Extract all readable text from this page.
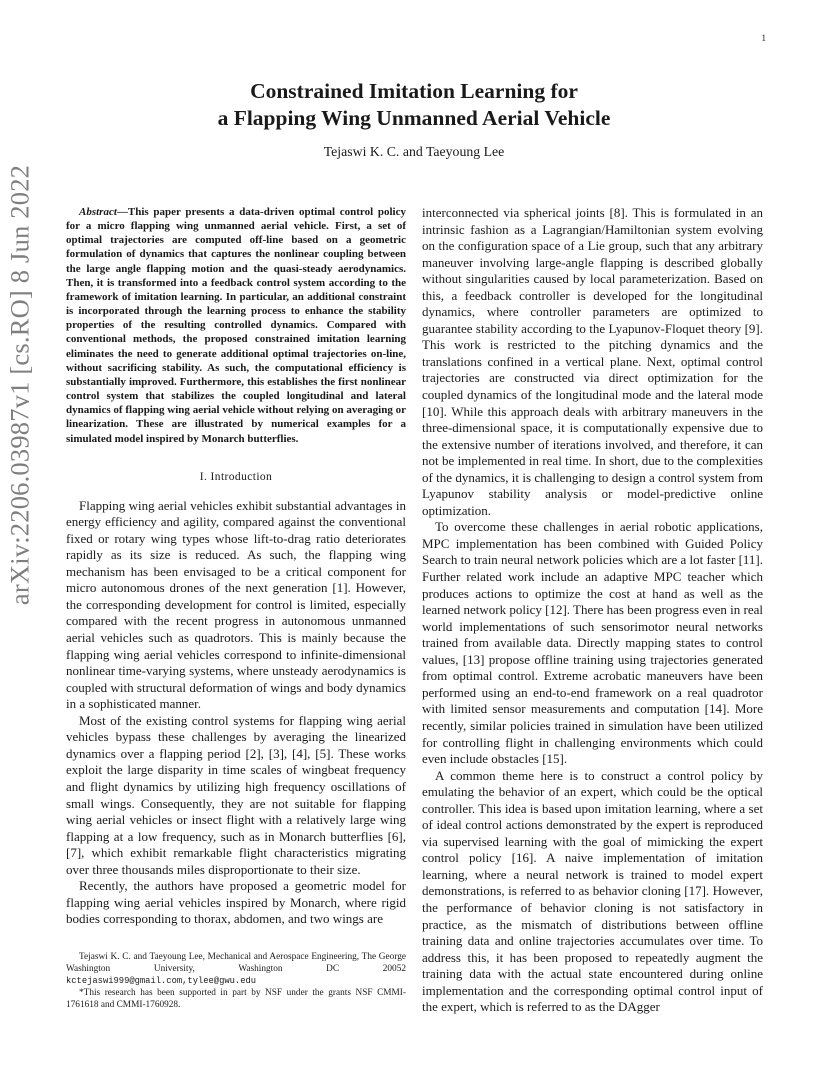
1
arXiv:2206.03987v1 [cs.RO] 8 Jun 2022
Constrained Imitation Learning for
a Flapping Wing Unmanned Aerial Vehicle
Tejaswi K. C. and Taeyoung Lee

Abstract—This paper presents a data-driven optimal control policy for a micro flapping wing unmanned aerial vehicle. First, a set of optimal trajectories are computed off-line based on a geometric formulation of dynamics that captures the nonlinear coupling between the large angle flapping motion and the quasi-steady aerodynamics. Then, it is transformed into a feedback control system according to the framework of imitation learning. In particular, an additional constraint is incorporated through the learning process to enhance the stability properties of the resulting controlled dynamics. Compared with conventional methods, the proposed constrained imitation learning eliminates the need to generate additional optimal trajectories on-line, without sacrificing stability. As such, the computational efficiency is substantially improved. Furthermore, this establishes the first nonlinear control system that stabilizes the coupled longitudinal and lateral dynamics of flapping wing aerial vehicle without relying on averaging or linearization. These are illustrated by numerical examples for a simulated model inspired by Monarch butterflies.

I. Introduction

Flapping wing aerial vehicles exhibit substantial advantages in energy efficiency and agility, compared against the conventional fixed or rotary wing types whose lift-to-drag ratio deteriorates rapidly as its size is reduced. As such, the flapping wing mechanism has been envisaged to be a critical component for micro autonomous drones of the next generation [1]. However, the corresponding development for control is limited, especially compared with the recent progress in autonomous unmanned aerial vehicles such as quadrotors. This is mainly because the flapping wing aerial vehicles correspond to infinite-dimensional nonlinear time-varying systems, where unsteady aerodynamics is coupled with structural deformation of wings and body dynamics in a sophisticated manner.

Most of the existing control systems for flapping wing aerial vehicles bypass these challenges by averaging the linearized dynamics over a flapping period [2], [3], [4], [5]. These works exploit the large disparity in time scales of wingbeat frequency and flight dynamics by utilizing high frequency oscillations of small wings. Consequently, they are not suitable for flapping wing aerial vehicles or insect flight with a relatively large wing flapping at a low frequency, such as in Monarch butterflies [6], [7], which exhibit remarkable flight characteristics migrating over three thousands miles disproportionate to their size.

Recently, the authors have proposed a geometric model for flapping wing aerial vehicles inspired by Monarch, where rigid bodies corresponding to thorax, abdomen, and two wings are

Tejaswi K. C. and Taeyoung Lee, Mechanical and Aerospace Engineering, The George Washington University, Washington DC 20052 kctejaswi999@gmail.com,tylee@gwu.edu

*This research has been supported in part by NSF under the grants NSF CMMI-1761618 and CMMI-1760928.

interconnected via spherical joints [8]. This is formulated in an intrinsic fashion as a Lagrangian/Hamiltonian system evolving on the configuration space of a Lie group, such that any arbitrary maneuver involving large-angle flapping is described globally without singularities caused by local parameterization. Based on this, a feedback controller is developed for the longitudinal dynamics, where controller parameters are optimized to guarantee stability according to the Lyapunov-Floquet theory [9]. This work is restricted to the pitching dynamics and the translations confined in a vertical plane. Next, optimal control trajectories are constructed via direct optimization for the coupled dynamics of the longitudinal mode and the lateral mode [10]. While this approach deals with arbitrary maneuvers in the three-dimensional space, it is computationally expensive due to the extensive number of iterations involved, and therefore, it can not be implemented in real time. In short, due to the complexities of the dynamics, it is challenging to design a control system from Lyapunov stability analysis or model-predictive online optimization.

To overcome these challenges in aerial robotic applications, MPC implementation has been combined with Guided Policy Search to train neural network policies which are a lot faster [11]. Further related work include an adaptive MPC teacher which produces actions to optimize the cost at hand as well as the learned network policy [12]. There has been progress even in real world implementations of such sensorimotor neural networks trained from available data. Directly mapping states to control values, [13] propose offline training using trajectories generated from optimal control. Extreme acrobatic maneuvers have been performed using an end-to-end framework on a real quadrotor with limited sensor measurements and computation [14]. More recently, similar policies trained in simulation have been utilized for controlling flight in challenging environments which could even include obstacles [15].

A common theme here is to construct a control policy by emulating the behavior of an expert, which could be the optical controller. This idea is based upon imitation learning, where a set of ideal control actions demonstrated by the expert is reproduced via supervised learning with the goal of mimicking the expert control policy [16]. A naive implementation of imitation learning, where a neural network is trained to model expert demonstrations, is referred to as behavior cloning [17]. However, the performance of behavior cloning is not satisfactory in practice, as the mismatch of distributions between offline training data and online trajectories accumulates over time. To address this, it has been proposed to repeatedly augment the training data with the actual state encountered during online implementation and the corresponding optimal control input of the expert, which is referred to as the DAgger
